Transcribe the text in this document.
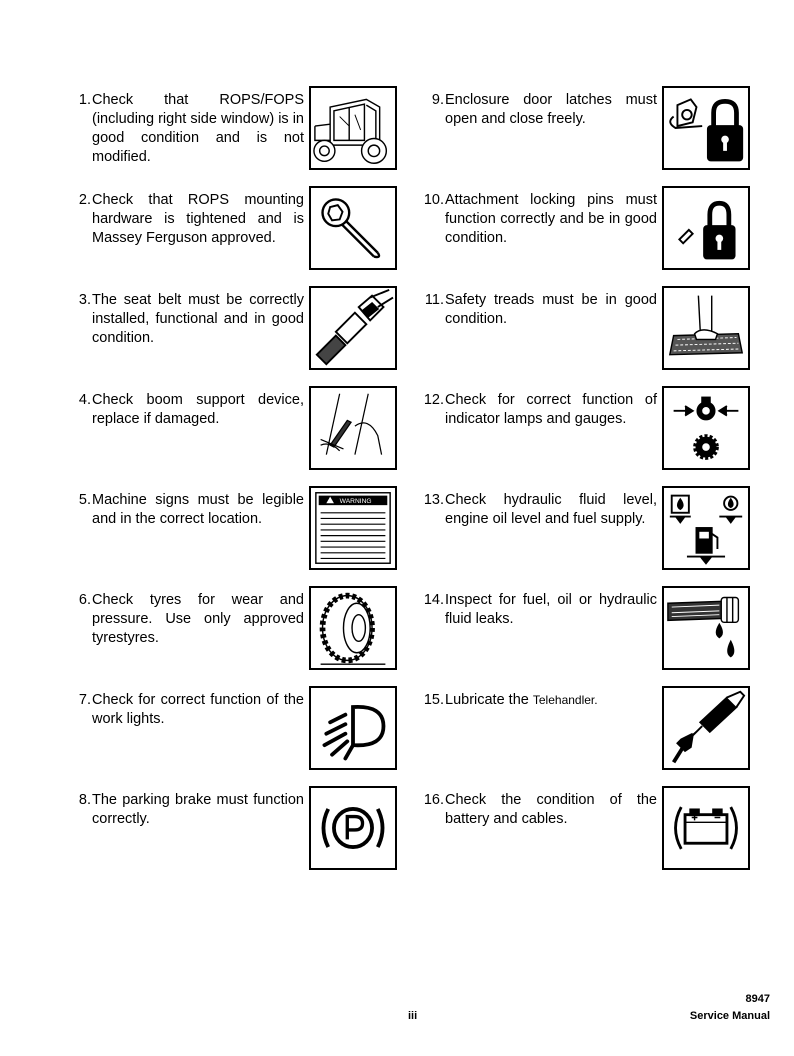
1. Check that ROPS/FOPS (including right side window) is in good condition and is not modified.
2. Check that ROPS mounting hardware is tightened and is Massey Ferguson approved.
3. The seat belt must be correctly installed, functional and in good condition.
4. Check boom support device, replace if damaged.
5. Machine signs must be legible and in the correct location.
WARNING
6. Check tyres for wear and pressure. Use only approved tyrestyres.
7. Check for correct function of the work lights.
8. The parking brake must function correctly.
9. Enclosure door latches must open and close freely.
10. Attachment locking pins must function correctly and be in good condition.
11. Safety treads must be in good condition.
12. Check for correct function of indicator lamps and gauges.
13. Check hydraulic fluid level, engine oil level and fuel supply.
14. Inspect for fuel, oil or hydraulic fluid leaks.
15. Lubricate the Telehandler.
16. Check the condition of the battery and cables.
8947
iii	Service Manual
